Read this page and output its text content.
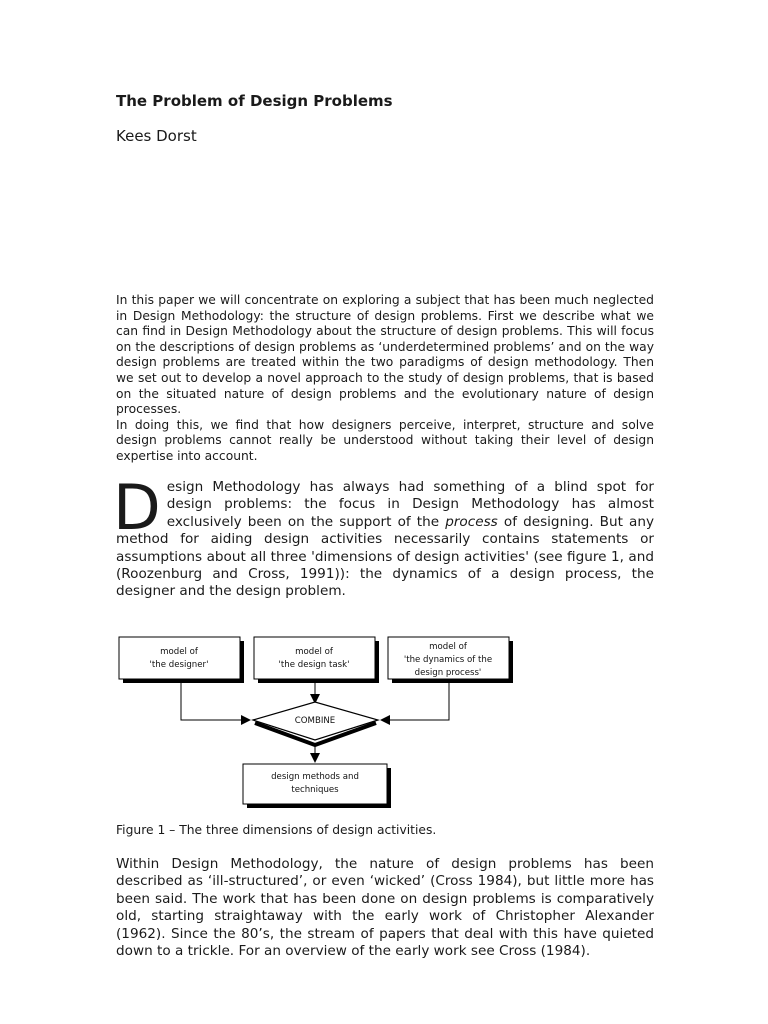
The Problem of Design Problems
Kees Dorst

In this paper we will concentrate on exploring a subject that has been much neglected in Design Methodology: the structure of design problems. First we describe what we can find in Design Methodology about the structure of design problems. This will focus on the descriptions of design problems as ‘underdetermined problems’ and on the way design problems are treated within the two paradigms of design methodology. Then we set out to develop a novel approach to the study of design problems, that is based on the situated nature of design problems and the evolutionary nature of design processes.

In doing this, we find that how designers perceive, interpret, structure and solve design problems cannot really be understood without taking their level of design expertise into account.

D esign Methodology has always had something of a blind spot for design problems: the focus in Design Methodology has almost exclusively been on the support of the process of designing. But any method for aiding design activities necessarily contains statements or assumptions about all three 'dimensions of design activities' (see figure 1, and (Roozenburg and Cross, 1991)): the dynamics of a design process, the designer and the design problem.

model of
'the designer'
model of
'the design task'
model of
'the dynamics of the
design process'
COMBINE
design methods and
techniques

Figure 1 – The three dimensions of design activities.

Within Design Methodology, the nature of design problems has been described as ‘ill-structured’, or even ‘wicked’ (Cross 1984), but little more has been said. The work that has been done on design problems is comparatively old, starting straightaway with the early work of Christopher Alexander (1962). Since the 80’s, the stream of papers that deal with this have quieted down to a trickle. For an overview of the early work see Cross (1984).
